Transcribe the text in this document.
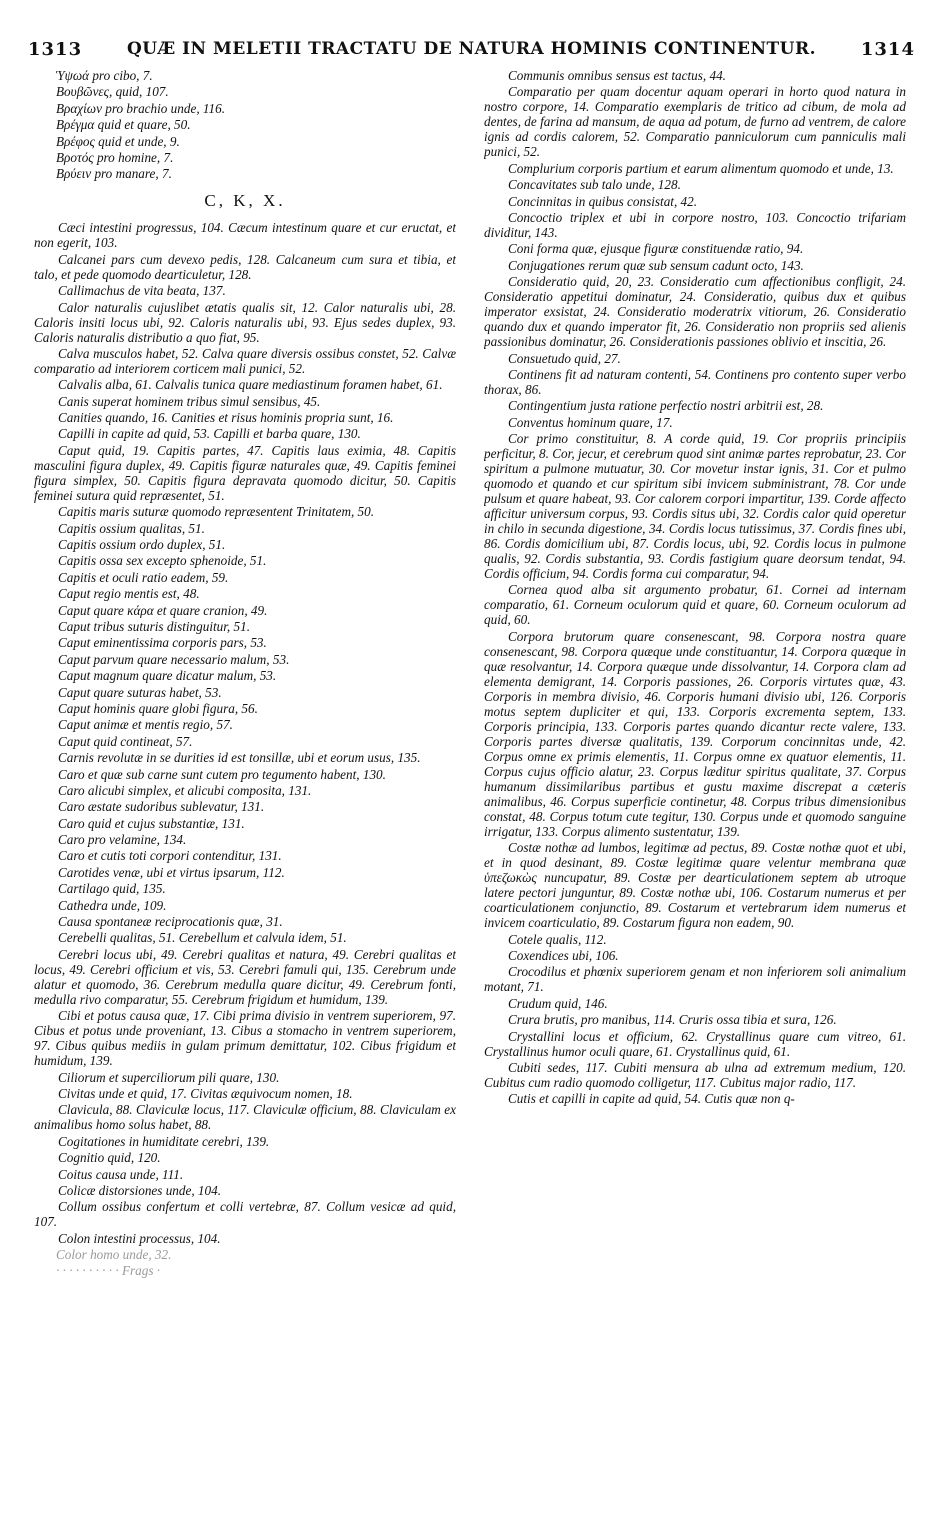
1313	QUÆ IN MELETII TRACTATU DE NATURA HOMINIS CONTINENTUR. 1314

Ὑψωά pro cibo, 7.

Βουβῶνες, quid, 107.

Βραχίων pro brachio unde, 116.

Βρέγμα quid et quare, 50.

Βρέφος quid et unde, 9.

Βροτός pro homine, 7.

Βρύειν pro manare, 7.

C, K, X.

Cæci intestini progressus, 104. Cæcum intestinum quare et cur eructat, et non egerit, 103.

Calcanei pars cum devexo pedis, 128. Calcaneum cum sura et tibia, et talo, et pede quomodo dearticuletur, 128.

Callimachus de vita beata, 137.

Calor naturalis cujuslibet ætatis qualis sit, 12. Calor naturalis ubi, 28. Caloris insiti locus ubi, 92. Caloris naturalis ubi, 93. Ejus sedes duplex, 93. Caloris naturalis distributio a quo fiat, 95.

Calva musculos habet, 52. Calva quare diversis ossibus constet, 52. Calvæ comparatio ad interiorem corticem mali punici, 52.

Calvalis alba, 61. Calvalis tunica quare mediastinum foramen habet, 61.

Canis superat hominem tribus simul sensibus, 45.

Canities quando, 16. Canities et risus hominis propria sunt, 16.

Capilli in capite ad quid, 53. Capilli et barba quare, 130.

Caput quid, 19. Capitis partes, 47. Capitis laus eximia, 48. Capitis masculini figura duplex, 49. Capitis figuræ naturales quæ, 49. Capitis feminei figura simplex, 50. Capitis figura depravata quomodo dicitur, 50. Capitis feminei sutura quid repræsentet, 51.

Capitis maris suturæ quomodo repræsentent Trinitatem, 50.

Capitis ossium qualitas, 51.

Capitis ossium ordo duplex, 51.

Capitis ossa sex excepto sphenoide, 51.

Capitis et oculi ratio eadem, 59.

Caput regio mentis est, 48.

Caput quare κάρα et quare cranion, 49.

Caput tribus suturis distinguitur, 51.

Caput eminentissima corporis pars, 53.

Caput parvum quare necessario malum, 53.

Caput magnum quare dicatur malum, 53.

Caput quare suturas habet, 53.

Caput hominis quare globi figura, 56.

Caput animæ et mentis regio, 57.

Caput quid contineat, 57.

Carnis revolutæ in se durities id est tonsillæ, ubi et eorum usus, 135.

Caro et quæ sub carne sunt cutem pro tegumento habent, 130.

Caro alicubi simplex, et alicubi composita, 131.

Caro æstate sudoribus sublevatur, 131.

Caro quid et cujus substantiæ, 131.

Caro pro velamine, 134.

Caro et cutis toti corpori contenditur, 131.

Carotides venæ, ubi et virtus ipsarum, 112.

Cartilago quid, 135.

Cathedra unde, 109.

Causa spontaneæ reciprocationis quæ, 31.

Cerebelli qualitas, 51. Cerebellum et calvula idem, 51.

Cerebri locus ubi, 49. Cerebri qualitas et natura, 49. Cerebri qualitas et locus, 49. Cerebri officium et vis, 53. Cerebri famuli qui, 135. Cerebrum unde alatur et quomodo, 36. Cerebrum medulla quare dicitur, 49. Cerebrum fonti, medulla rivo comparatur, 55. Cerebrum frigidum et humidum, 139.

Cibi et potus causa quæ, 17. Cibi prima divisio in ventrem superiorem, 97. Cibus et potus unde proveniant, 13. Cibus a stomacho in ventrem superiorem, 97. Cibus quibus mediis in gulam primum demittatur, 102. Cibus frigidum et humidum, 139.

Ciliorum et superciliorum pili quare, 130.

Civitas unde et quid, 17. Civitas æquivocum nomen, 18.

Clavicula, 88. Claviculæ locus, 117. Claviculæ officium, 88. Claviculam ex animalibus homo solus habet, 88.

Cogitationes in humiditate cerebri, 139.

Cognitio quid, 120.

Coitus causa unde, 111.

Colicæ distorsiones unde, 104.

Collum ossibus confertum et colli vertebræ, 87. Collum vesicæ ad quid, 107.

Colon intestini processus, 104.

Color homo unde, 32.

· · · · · · · · · · Frags ·

Communis omnibus sensus est tactus, 44.

Comparatio per quam docentur aquam operari in horto quod natura in nostro corpore, 14. Comparatio exemplaris de tritico ad cibum, de mola ad dentes, de farina ad mansum, de aqua ad potum, de furno ad ventrem, de calore ignis ad cordis calorem, 52. Comparatio panniculorum cum panniculis mali punici, 52.

Complurium corporis partium et earum alimentum quomodo et unde, 13.

Concavitates sub talo unde, 128.

Concinnitas in quibus consistat, 42.

Concoctio triplex et ubi in corpore nostro, 103. Concoctio trifariam dividitur, 143.

Coni forma quæ, ejusque figuræ constituendæ ratio, 94.

Conjugationes rerum quæ sub sensum cadunt octo, 143.

Consideratio quid, 20, 23. Consideratio cum affectionibus confligit, 24. Consideratio appetitui dominatur, 24. Consideratio, quibus dux et quibus imperator exsistat, 24. Consideratio moderatrix vitiorum, 26. Consideratio quando dux et quando imperator fit, 26. Consideratio non propriis sed alienis passionibus dominatur, 26. Considerationis passiones oblivio et inscitia, 26.

Consuetudo quid, 27.

Continens fit ad naturam contenti, 54. Continens pro contento super verbo thorax, 86.

Contingentium justa ratione perfectio nostri arbitrii est, 28.

Conventus hominum quare, 17.

Cor primo constituitur, 8. A corde quid, 19. Cor propriis principiis perficitur, 8. Cor, jecur, et cerebrum quod sint animæ partes reprobatur, 23. Cor spiritum a pulmone mutuatur, 30. Cor movetur instar ignis, 31. Cor et pulmo quomodo et quando et cur spiritum sibi invicem subministrant, 78. Cor unde pulsum et quare habeat, 93. Cor calorem corpori impartitur, 139. Corde affecto afficitur universum corpus, 93. Cordis situs ubi, 32. Cordis calor quid operetur in chilo in secunda digestione, 34. Cordis locus tutissimus, 37. Cordis fines ubi, 86. Cordis domicilium ubi, 87. Cordis locus, ubi, 92. Cordis locus in pulmone qualis, 92. Cordis substantia, 93. Cordis fastigium quare deorsum tendat, 94. Cordis officium, 94. Cordis forma cui comparatur, 94.

Cornea quod alba sit argumento probatur, 61. Cornei ad internam comparatio, 61. Corneum oculorum quid et quare, 60. Corneum oculorum ad quid, 60.

Corpora brutorum quare consenescant, 98. Corpora nostra quare consenescant, 98. Corpora quæque unde constituantur, 14. Corpora quæque in quæ resolvantur, 14. Corpora quæque unde dissolvantur, 14. Corpora clam ad elementa demigrant, 14. Corporis passiones, 26. Corporis virtutes quæ, 43. Corporis in membra divisio, 46. Corporis humani divisio ubi, 126. Corporis motus septem dupliciter et qui, 133. Corporis excrementa septem, 133. Corporis principia, 133. Corporis partes quando dicantur recte valere, 133. Corporis partes diversæ qualitatis, 139. Corporum concinnitas unde, 42. Corpus omne ex primis elementis, 11. Corpus omne ex quatuor elementis, 11. Corpus cujus officio alatur, 23. Corpus læditur spiritus qualitate, 37. Corpus humanum dissimilaribus partibus et gustu maxime discrepat a cæteris animalibus, 46. Corpus superficie continetur, 48. Corpus tribus dimensionibus constat, 48. Corpus totum cute tegitur, 130. Corpus unde et quomodo sanguine irrigatur, 133. Corpus alimento sustentatur, 139.

Costæ nothæ ad lumbos, legitimæ ad pectus, 89. Costæ nothæ quot et ubi, et in quod desinant, 89. Costæ legitimæ quare velentur membrana quæ ὑπεζωκὼς nuncupatur, 89. Costæ per dearticulationem septem ab utroque latere pectori junguntur, 89. Costæ nothæ ubi, 106. Costarum numerus et per coarticulationem conjunctio, 89. Costarum et vertebrarum idem numerus et invicem coarticulatio, 89. Costarum figura non eadem, 90.

Cotele qualis, 112.

Coxendices ubi, 106.

Crocodilus et phœnix superiorem genam et non inferiorem soli animalium motant, 71.

Crudum quid, 146.

Crura brutis, pro manibus, 114. Cruris ossa tibia et sura, 126.

Crystallini locus et officium, 62. Crystallinus quare cum vitreo, 61. Crystallinus humor oculi quare, 61. Crystallinus quid, 61.

Cubiti sedes, 117. Cubiti mensura ab ulna ad extremum medium, 120. Cubitus cum radio quomodo colligetur, 117. Cubitus major radio, 117.

Cutis et capilli in capite ad quid, 54. Cutis quæ non q-
